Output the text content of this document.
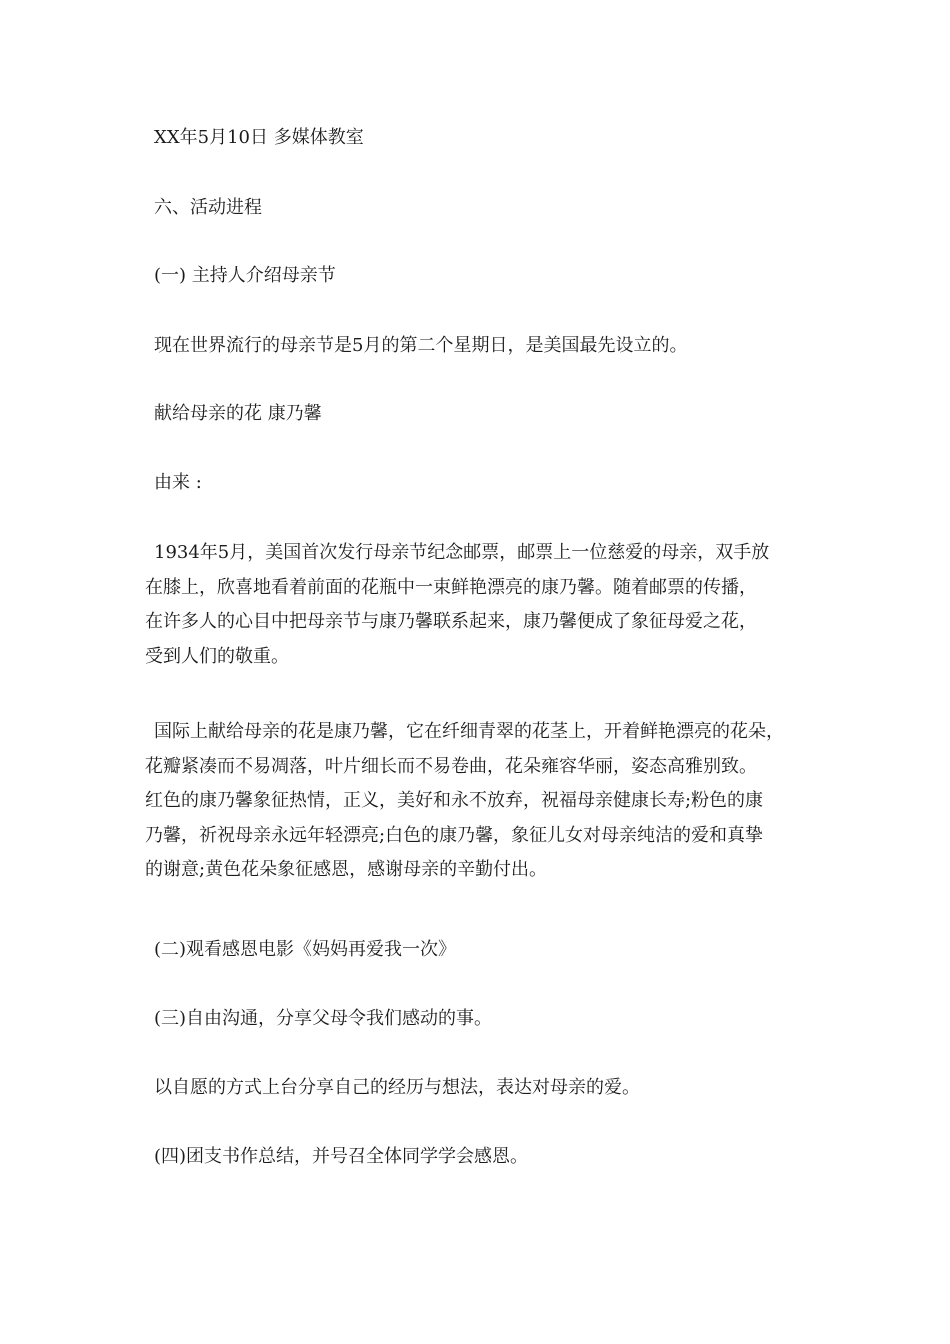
XX年5月10日 多媒体教室

六、活动进程

(一) 主持人介绍母亲节

现在世界流行的母亲节是5月的第二个星期日，是美国最先设立的。

献给母亲的花 康乃馨

由来 :

1934年5月，美国首次发行母亲节纪念邮票，邮票上一位慈爱的母亲，双手放
在膝上，欣喜地看着前面的花瓶中一束鲜艳漂亮的康乃馨。随着邮票的传播，
在许多人的心目中把母亲节与康乃馨联系起来，康乃馨便成了象征母爱之花，
受到人们的敬重。
国际上献给母亲的花是康乃馨，它在纤细青翠的花茎上，开着鲜艳漂亮的花朵，
花瓣紧凑而不易凋落，叶片细长而不易卷曲，花朵雍容华丽，姿态高雅别致。
红色的康乃馨象征热情，正义，美好和永不放弃，祝福母亲健康长寿;粉色的康
乃馨，祈祝母亲永远年轻漂亮;白色的康乃馨，象征儿女对母亲纯洁的爱和真挚
的谢意;黄色花朵象征感恩，感谢母亲的辛勤付出。

(二)观看感恩电影《妈妈再爱我一次》

(三)自由沟通，分享父母令我们感动的事。

以自愿的方式上台分享自己的经历与想法，表达对母亲的爱。

(四)团支书作总结，并号召全体同学学会感恩。
